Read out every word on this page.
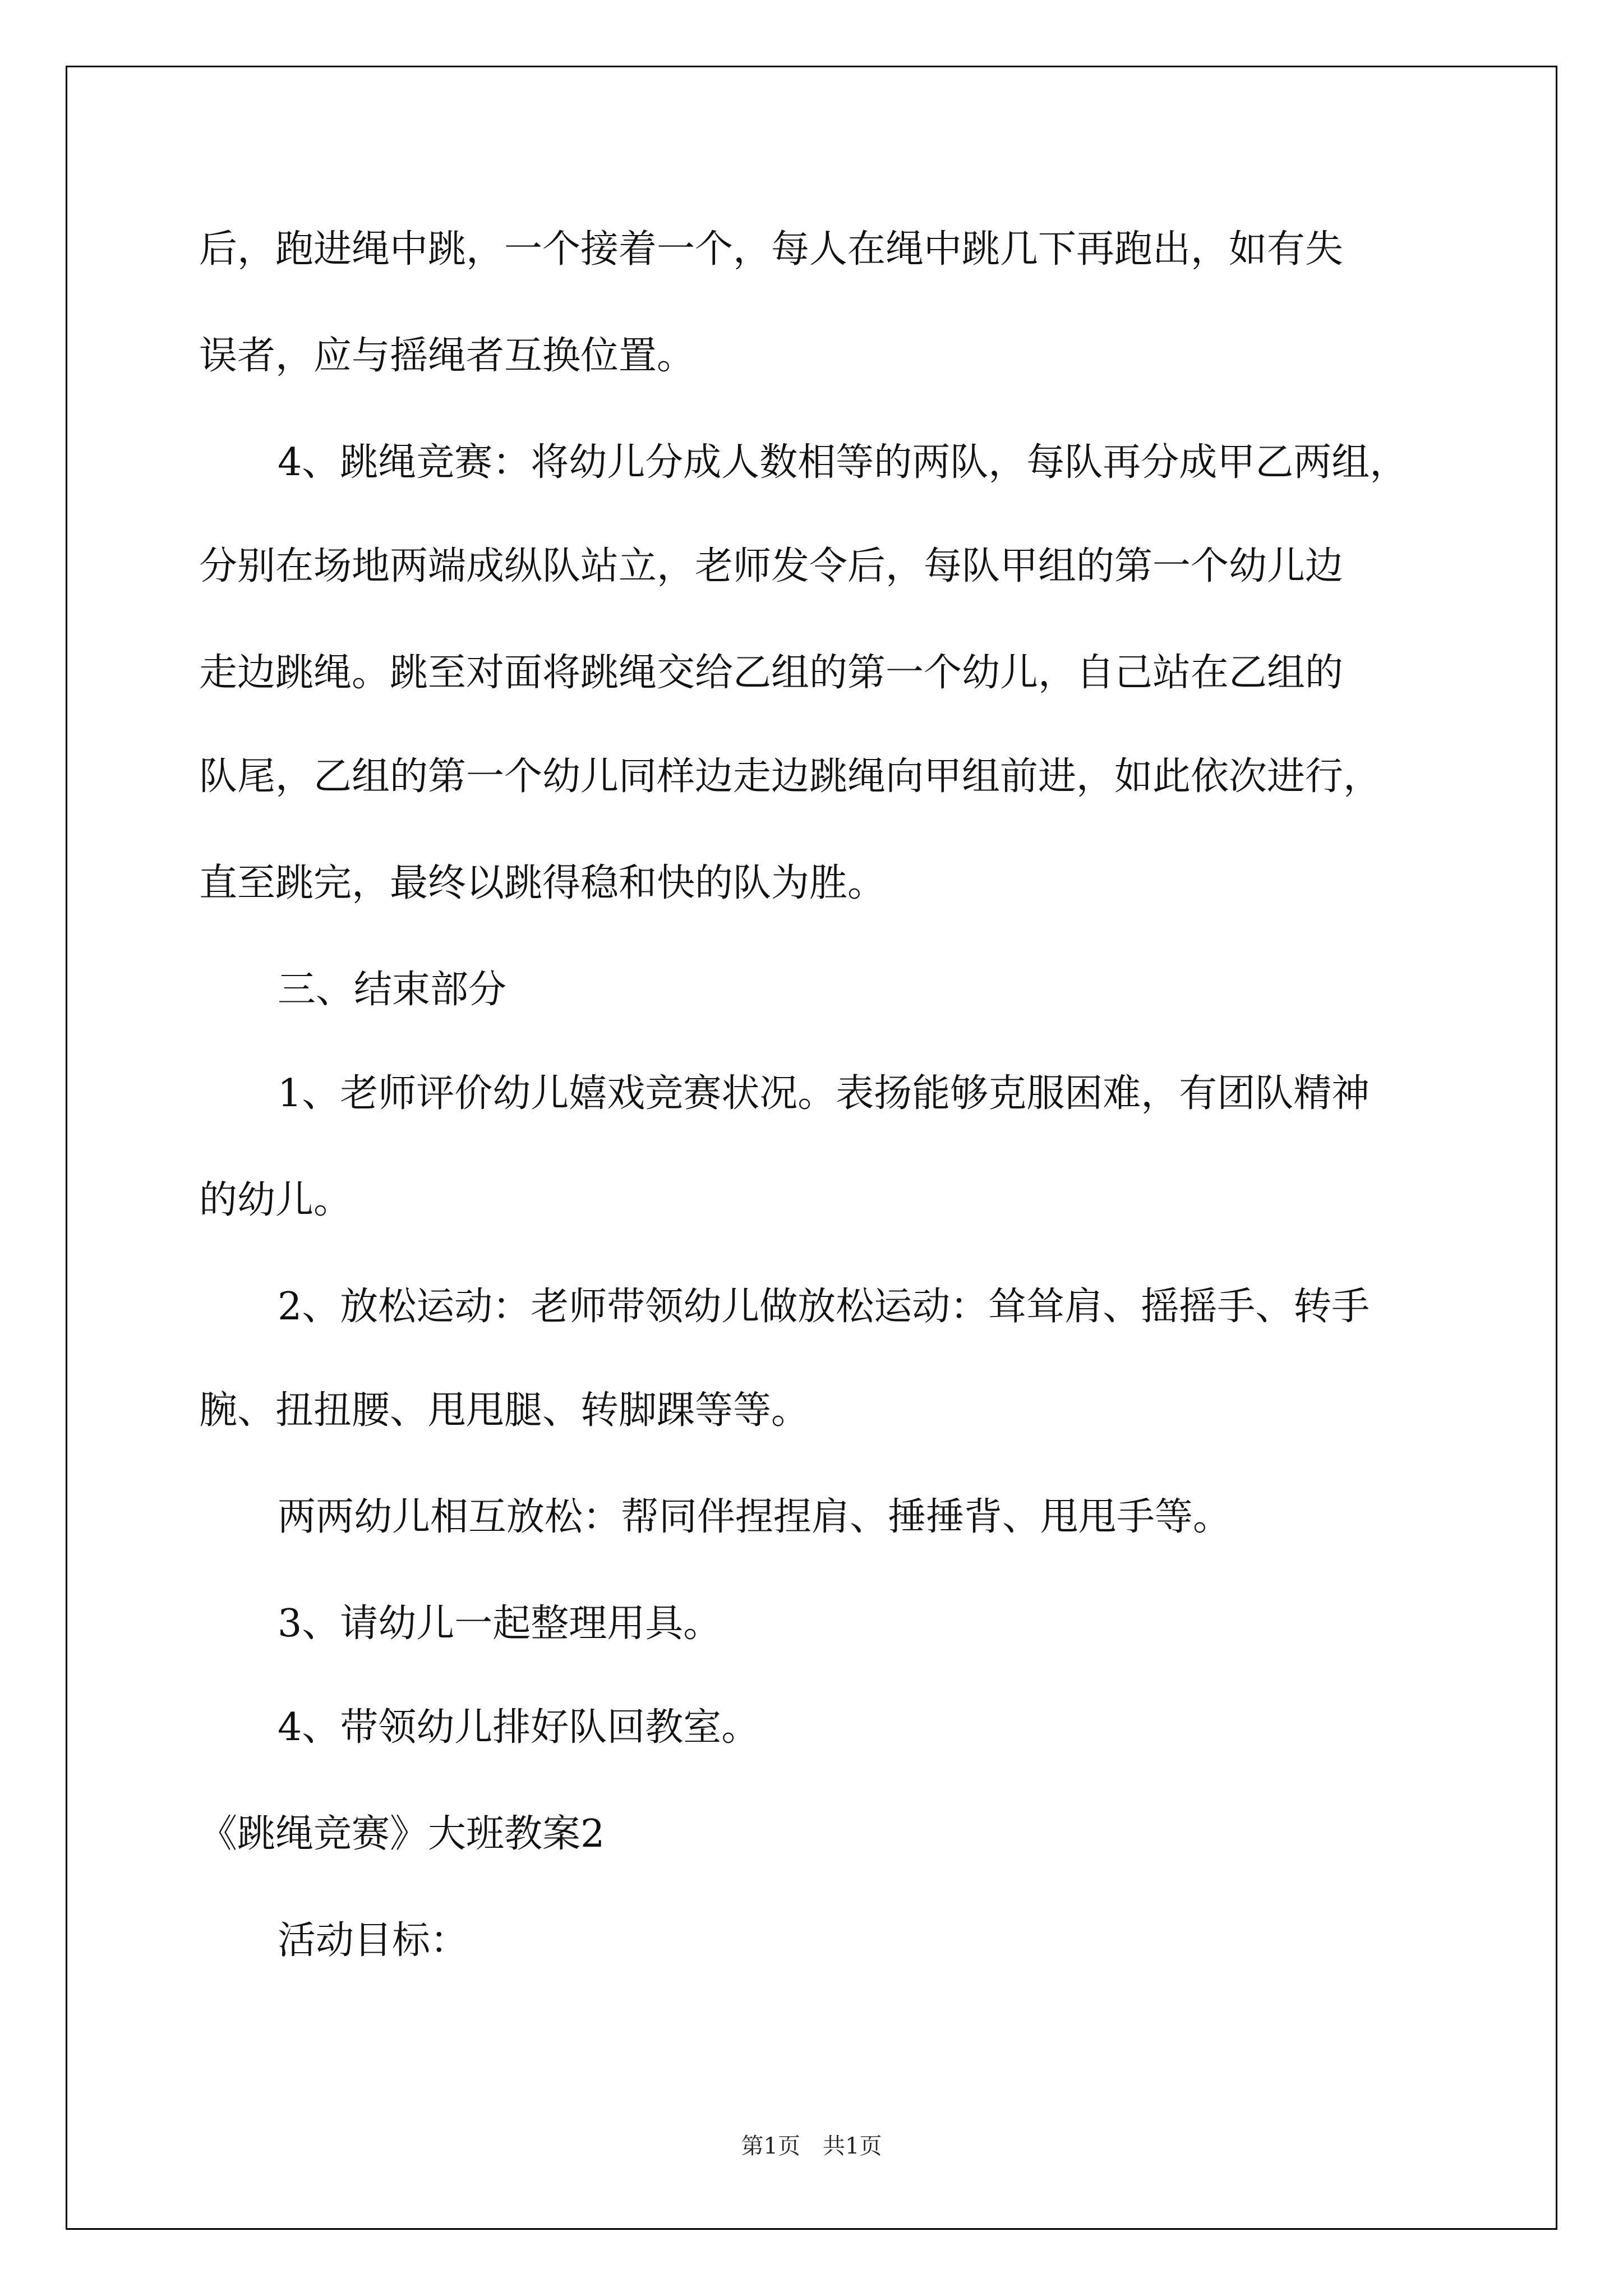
后，跑进绳中跳，一个接着一个，每人在绳中跳几下再跑出，如有失

误者，应与摇绳者互换位置。

4、跳绳竞赛：将幼儿分成人数相等的两队，每队再分成甲乙两组，

分别在场地两端成纵队站立，老师发令后，每队甲组的第一个幼儿边

走边跳绳。跳至对面将跳绳交给乙组的第一个幼儿，自己站在乙组的

队尾，乙组的第一个幼儿同样边走边跳绳向甲组前进，如此依次进行，

直至跳完，最终以跳得稳和快的队为胜。

三、结束部分

1、老师评价幼儿嬉戏竞赛状况。表扬能够克服困难，有团队精神

的幼儿。

2、放松运动：老师带领幼儿做放松运动：耸耸肩、摇摇手、转手

腕、扭扭腰、甩甩腿、转脚踝等等。

两两幼儿相互放松：帮同伴捏捏肩、捶捶背、甩甩手等。

3、请幼儿一起整理用具。

4、带领幼儿排好队回教室。

《跳绳竞赛》大班教案2

活动目标：

第1页　共1页
